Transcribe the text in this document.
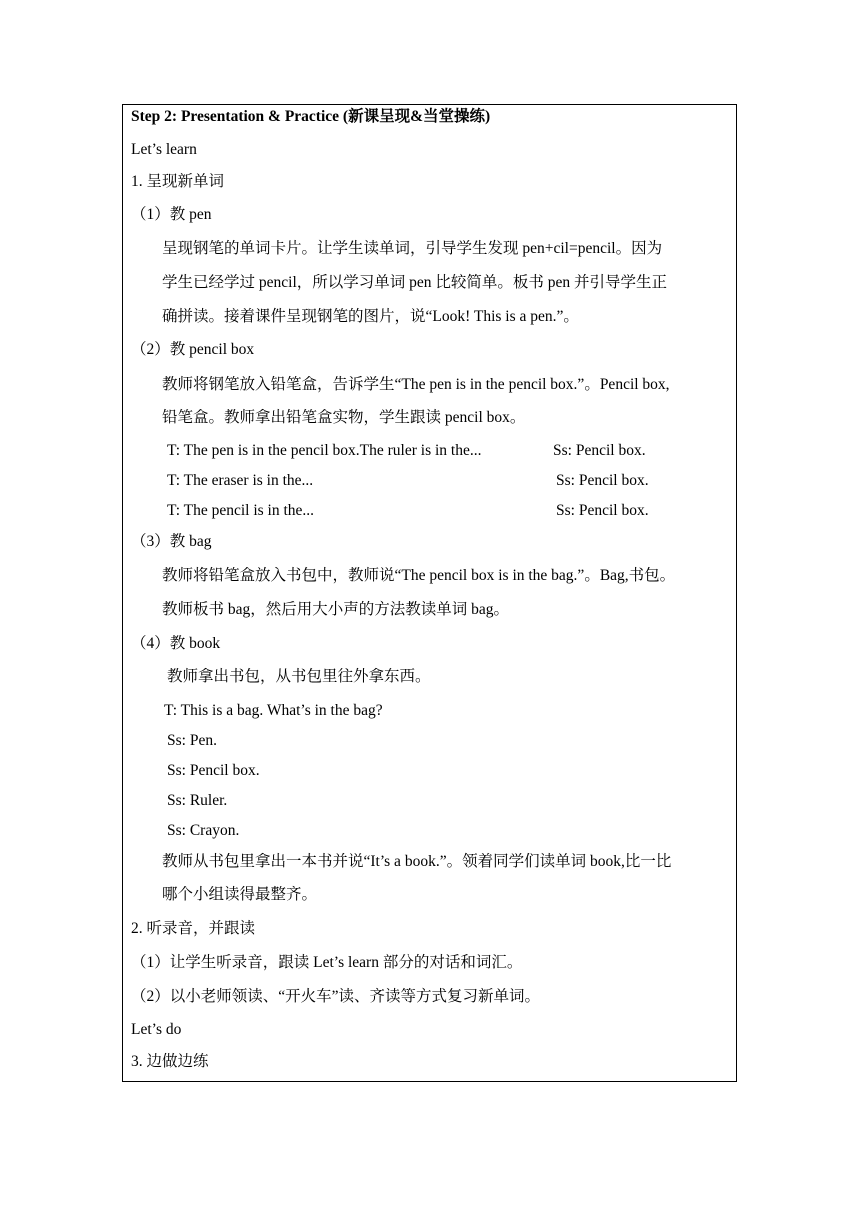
Step 2: Presentation & Practice (新课呈现&当堂操练)
Let’s learn
1. 呈现新单词
（1）教 pen
呈现钢笔的单词卡片。让学生读单词，引导学生发现 pen+cil=pencil。因为
学生已经学过 pencil，所以学习单词 pen 比较简单。板书 pen 并引导学生正
确拼读。接着课件呈现钢笔的图片，说“Look! This is a pen.”。
（2）教 pencil box
教师将钢笔放入铅笔盒，告诉学生“The pen is in the pencil box.”。Pencil box,
铅笔盒。教师拿出铅笔盒实物，学生跟读 pencil box。
T: The pen is in the pencil box.The ruler is in the...	Ss: Pencil box.
T: The eraser is in the...	Ss: Pencil box.
T: The pencil is in the...	Ss: Pencil box.
（3）教 bag
教师将铅笔盒放入书包中，教师说“The pencil box is in the bag.”。Bag,书包。
教师板书 bag，然后用大小声的方法教读单词 bag。
（4）教 book
教师拿出书包，从书包里往外拿东西。
T: This is a bag. What’s in the bag?
Ss: Pen.
Ss: Pencil box.
Ss: Ruler.
Ss: Crayon.
教师从书包里拿出一本书并说“It’s a book.”。领着同学们读单词 book,比一比
哪个小组读得最整齐。
2. 听录音，并跟读
（1）让学生听录音，跟读 Let’s learn 部分的对话和词汇。
（2）以小老师领读、“开火车”读、齐读等方式复习新单词。
Let’s do
3. 边做边练
